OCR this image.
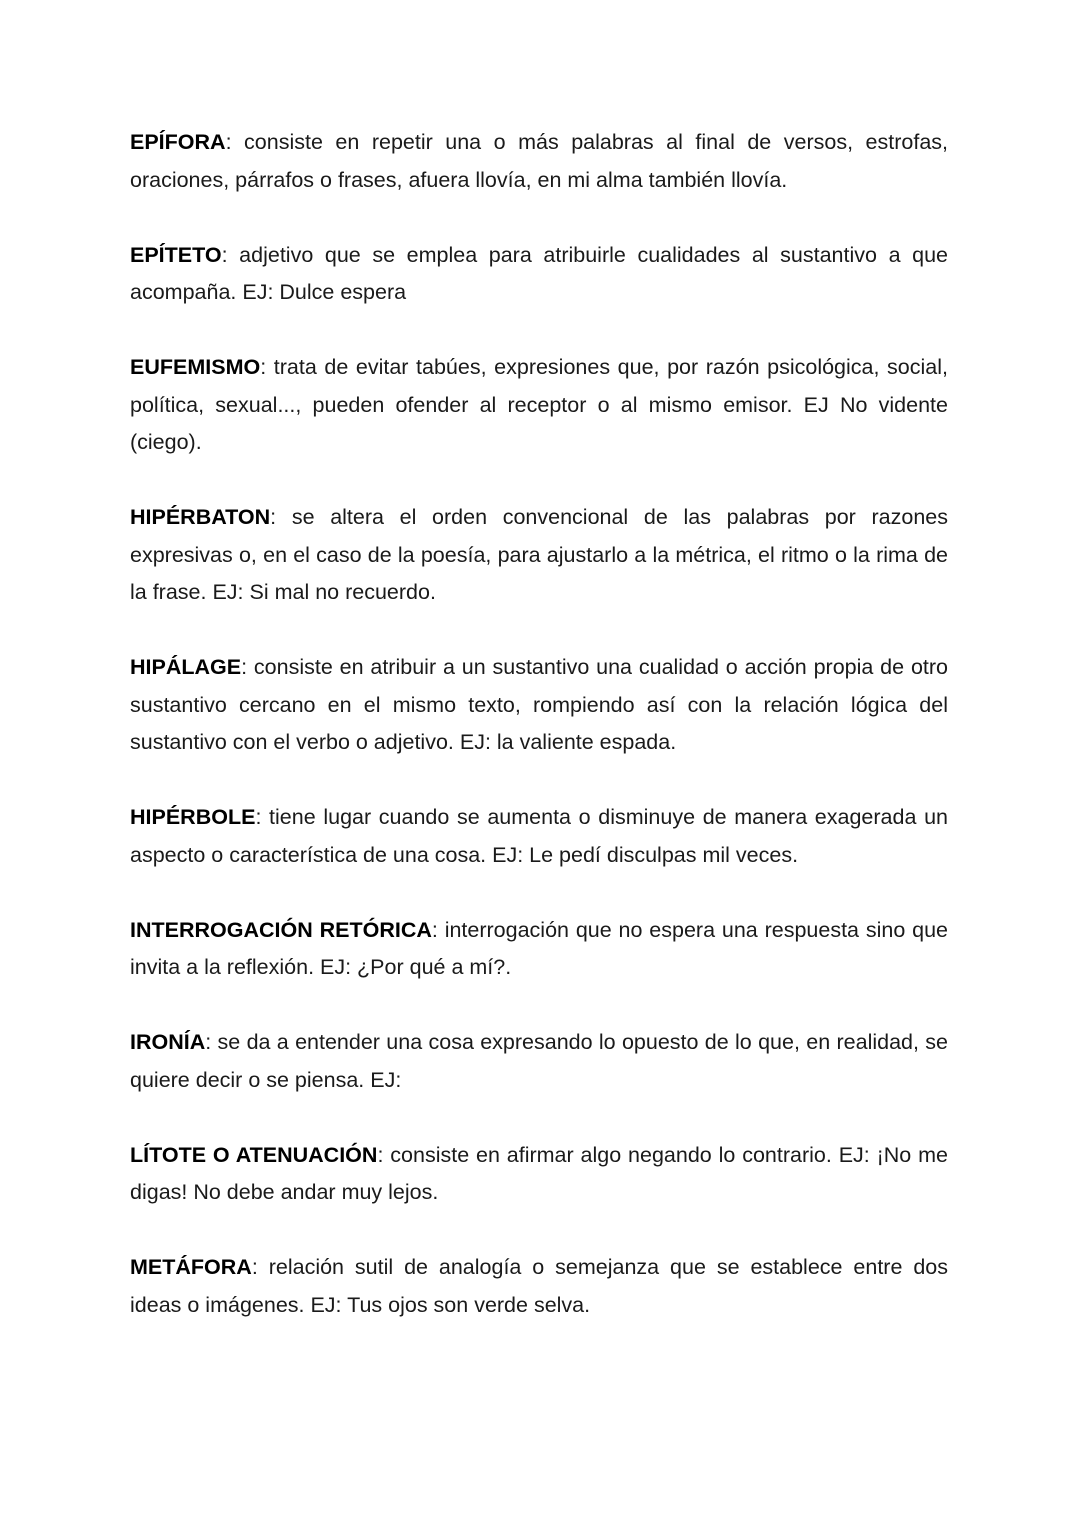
EPÍFORA: consiste en repetir una o más palabras al final de versos, estrofas, oraciones, párrafos o frases, afuera llovía, en mi alma también llovía.

EPÍTETO: adjetivo que se emplea para atribuirle cualidades al sustantivo a que acompaña. EJ: Dulce espera

EUFEMISMO: trata de evitar tabúes, expresiones que, por razón psicológica, social, política, sexual..., pueden ofender al receptor o al mismo emisor. EJ No vidente (ciego).

HIPÉRBATON: se altera el orden convencional de las palabras por razones expresivas o, en el caso de la poesía, para ajustarlo a la métrica, el ritmo o la rima de la frase. EJ: Si mal no recuerdo.

HIPÁLAGE: consiste en atribuir a un sustantivo una cualidad o acción propia de otro sustantivo cercano en el mismo texto, rompiendo así con la relación lógica del sustantivo con el verbo o adjetivo. EJ: la valiente espada.

HIPÉRBOLE: tiene lugar cuando se aumenta o disminuye de manera exagerada un aspecto o característica de una cosa. EJ: Le pedí disculpas mil veces.

INTERROGACIÓN RETÓRICA: interrogación que no espera una respuesta sino que invita a la reflexión. EJ: ¿Por qué a mí?.

IRONÍA: se da a entender una cosa expresando lo opuesto de lo que, en realidad, se quiere decir o se piensa. EJ:

LÍTOTE O ATENUACIÓN: consiste en afirmar algo negando lo contrario. EJ: ¡No me digas! No debe andar muy lejos.

METÁFORA: relación sutil de analogía o semejanza que se establece entre dos ideas o imágenes. EJ: Tus ojos son verde selva.
